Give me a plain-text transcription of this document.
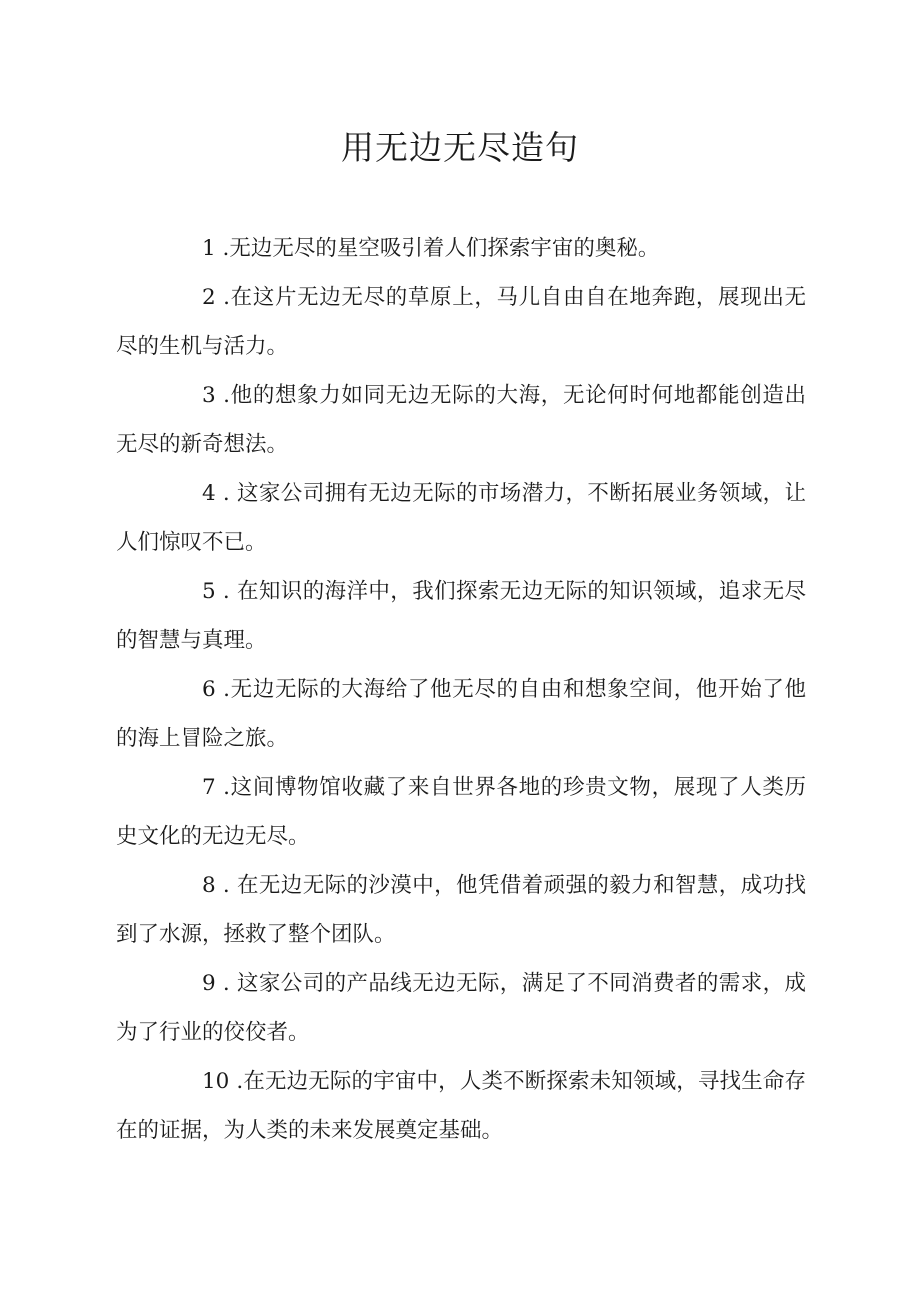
用无边无尽造句

1 .无边无尽的星空吸引着人们探索宇宙的奥秘。

2 .在这片无边无尽的草原上，马儿自由自在地奔跑，展现出无尽的生机与活力。

3 .他的想象力如同无边无际的大海，无论何时何地都能创造出无尽的新奇想法。

4 . 这家公司拥有无边无际的市场潜力，不断拓展业务领域，让人们惊叹不已。

5 . 在知识的海洋中，我们探索无边无际的知识领域，追求无尽的智慧与真理。

6 .无边无际的大海给了他无尽的自由和想象空间，他开始了他的海上冒险之旅。

7 .这间博物馆收藏了来自世界各地的珍贵文物，展现了人类历史文化的无边无尽。

8 . 在无边无际的沙漠中，他凭借着顽强的毅力和智慧，成功找到了水源，拯救了整个团队。

9 . 这家公司的产品线无边无际，满足了不同消费者的需求，成为了行业的佼佼者。

10 .在无边无际的宇宙中，人类不断探索未知领域，寻找生命存在的证据，为人类的未来发展奠定基础。
